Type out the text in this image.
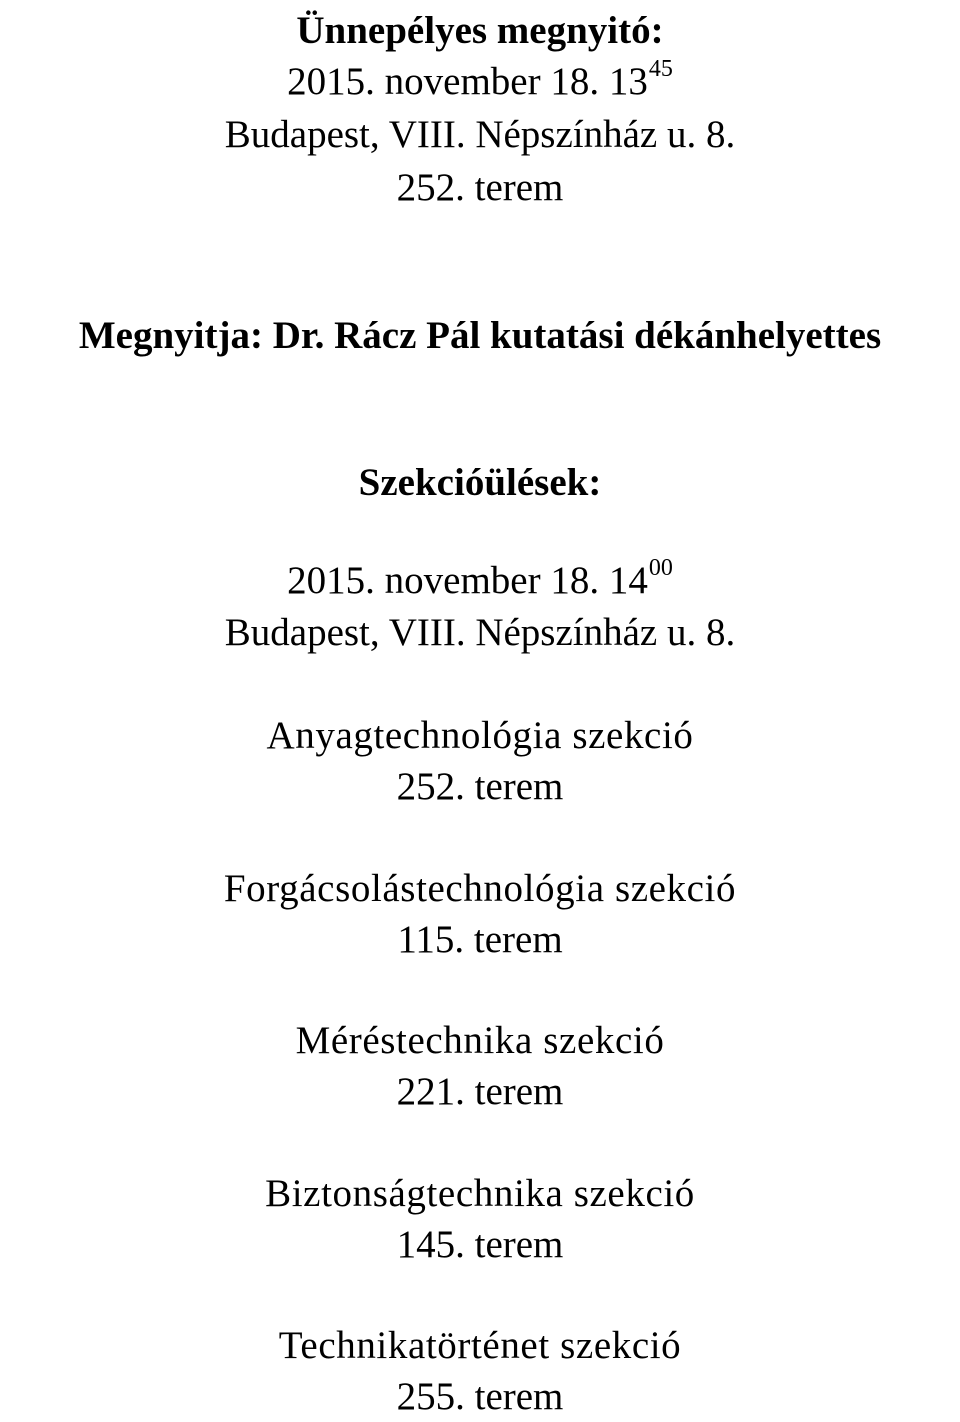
Ünnepélyes megnyitó:
2015. november 18. $13^{45}$
Budapest, VIII. Népszínház u. 8.
252. terem
Megnyitja: Dr. Rácz Pál kutatási dékánhelyettes
Szekcióülések:
2015. november 18. $14^{00}$
Budapest, VIII. Népszínház u. 8.
Anyagtechnológia szekció
252. terem
Forgácsolástechnológia szekció
115. terem
Méréstechnika szekció
221. terem
Biztonságtechnika szekció
145. terem
Technikatörténet szekció
255. terem
